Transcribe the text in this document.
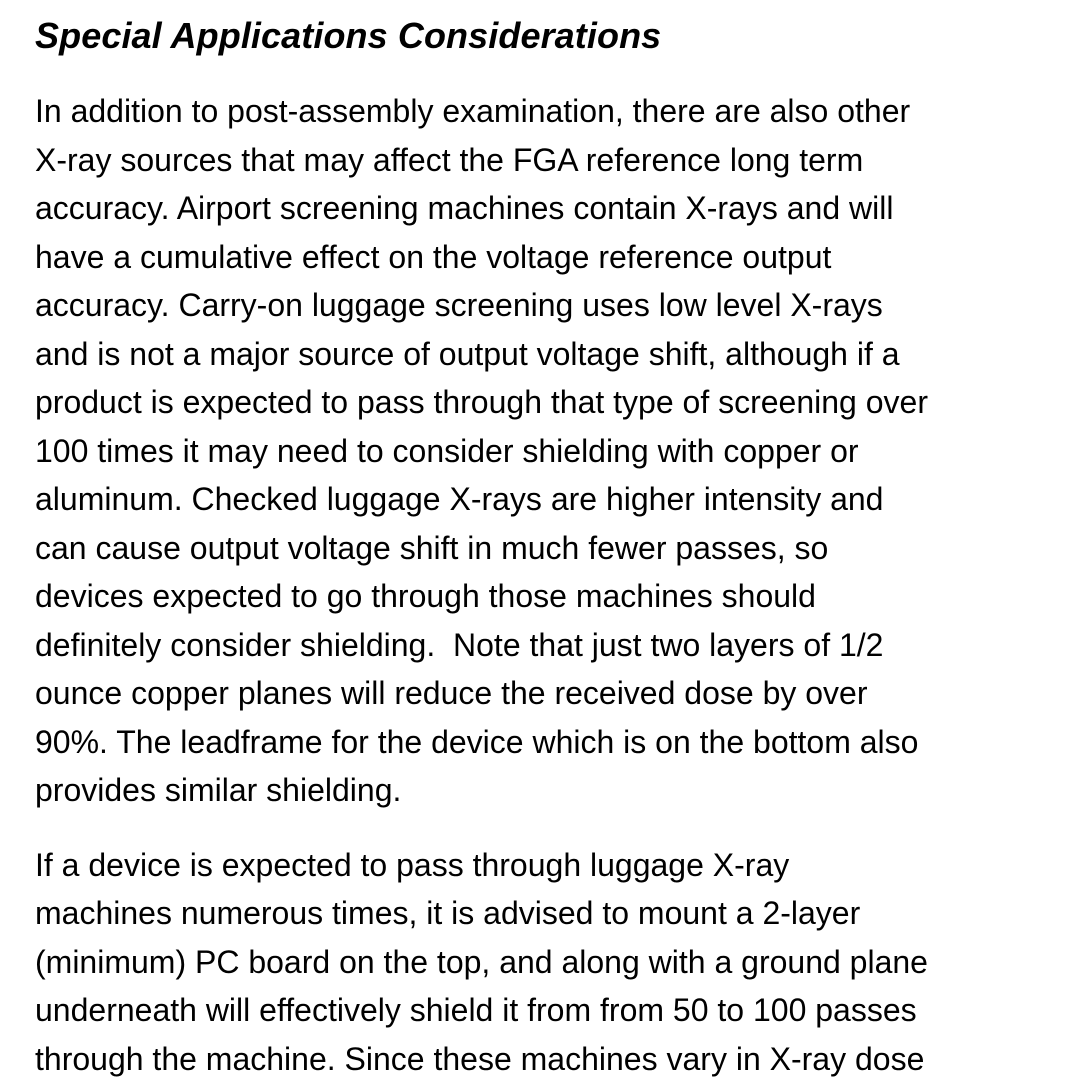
Special Applications Considerations
In addition to post-assembly examination, there are also other
X-ray sources that may affect the FGA reference long term
accuracy. Airport screening machines contain X-rays and will
have a cumulative effect on the voltage reference output
accuracy. Carry-on luggage screening uses low level X-rays
and is not a major source of output voltage shift, although if a
product is expected to pass through that type of screening over
100 times it may need to consider shielding with copper or
aluminum. Checked luggage X-rays are higher intensity and
can cause output voltage shift in much fewer passes, so
devices expected to go through those machines should
definitely consider shielding.  Note that just two layers of 1/2
ounce copper planes will reduce the received dose by over
90%. The leadframe for the device which is on the bottom also
provides similar shielding.
If a device is expected to pass through luggage X-ray
machines numerous times, it is advised to mount a 2-layer
(minimum) PC board on the top, and along with a ground plane
underneath will effectively shield it from from 50 to 100 passes
through the machine. Since these machines vary in X-ray dose
